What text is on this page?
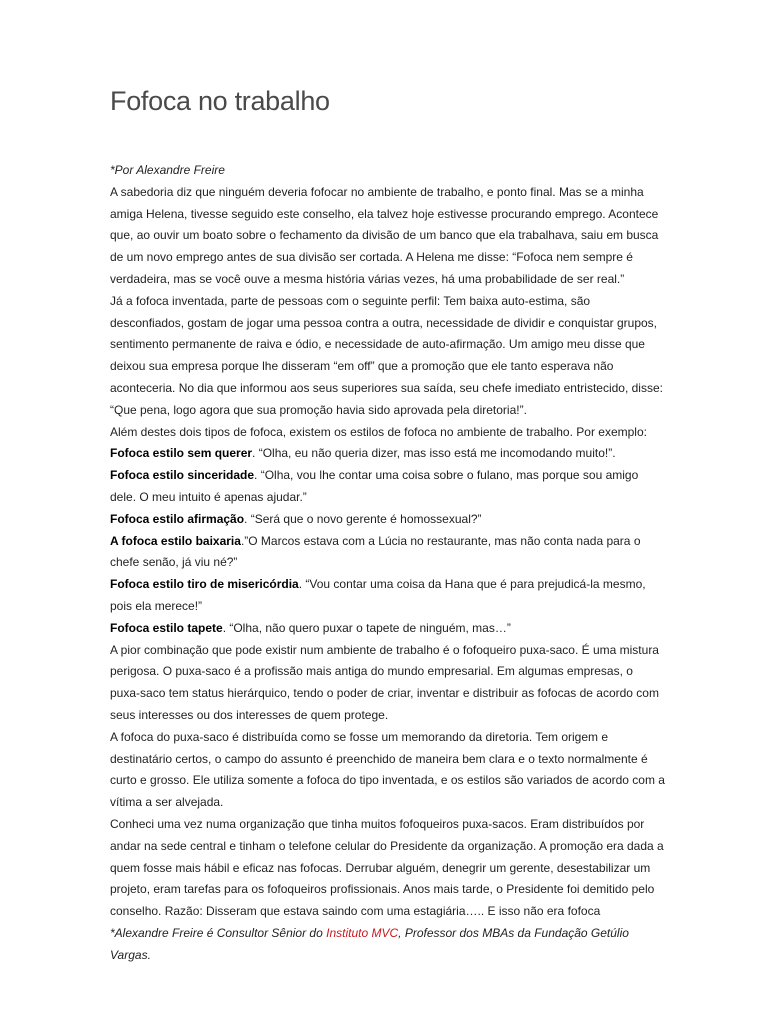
Fofoca no trabalho

*Por Alexandre Freire

A sabedoria diz que ninguém deveria fofocar no ambiente de trabalho, e ponto final. Mas se a minha amiga Helena, tivesse seguido este conselho, ela talvez hoje estivesse procurando emprego. Acontece que, ao ouvir um boato sobre o fechamento da divisão de um banco que ela trabalhava, saiu em busca de um novo emprego antes de sua divisão ser cortada. A Helena me disse: “Fofoca nem sempre é verdadeira, mas se você ouve a mesma história várias vezes, há uma probabilidade de ser real.”

Já a fofoca inventada, parte de pessoas com o seguinte perfil: Tem baixa auto-estima, são desconfiados, gostam de jogar uma pessoa contra a outra, necessidade de dividir e conquistar grupos, sentimento permanente de raiva e ódio, e necessidade de auto-afirmação. Um amigo meu disse que deixou sua empresa porque lhe disseram “em off” que a promoção que ele tanto esperava não aconteceria. No dia que informou aos seus superiores sua saída, seu chefe imediato entristecido, disse: “Que pena, logo agora que sua promoção havia sido aprovada pela diretoria!”.

Além destes dois tipos de fofoca, existem os estilos de fofoca no ambiente de trabalho. Por exemplo:

Fofoca estilo sem querer. “Olha, eu não queria dizer, mas isso está me incomodando muito!”.

Fofoca estilo sinceridade. “Olha, vou lhe contar uma coisa sobre o fulano, mas porque sou amigo dele. O meu intuito é apenas ajudar.”

Fofoca estilo afirmação. “Será que o novo gerente é homossexual?”

A fofoca estilo baixaria.”O Marcos estava com a Lúcia no restaurante, mas não conta nada para o chefe senão, já viu né?”

Fofoca estilo tiro de misericórdia. “Vou contar uma coisa da Hana que é para prejudicá-la mesmo, pois ela merece!”

Fofoca estilo tapete. “Olha, não quero puxar o tapete de ninguém, mas…”

A pior combinação que pode existir num ambiente de trabalho é o fofoqueiro puxa-saco. É uma mistura perigosa. O puxa-saco é a profissão mais antiga do mundo empresarial. Em algumas empresas, o puxa-saco tem status hierárquico, tendo o poder de criar, inventar e distribuir as fofocas de acordo com seus interesses ou dos interesses de quem protege.

A fofoca do puxa-saco é distribuída como se fosse um memorando da diretoria. Tem origem e destinatário certos, o campo do assunto é preenchido de maneira bem clara e o texto normalmente é curto e grosso. Ele utiliza somente a fofoca do tipo inventada, e os estilos são variados de acordo com a vítima a ser alvejada.

Conheci uma vez numa organização que tinha muitos fofoqueiros puxa-sacos. Eram distribuídos por andar na sede central e tinham o telefone celular do Presidente da organização. A promoção era dada a quem fosse mais hábil e eficaz nas fofocas. Derrubar alguém, denegrir um gerente, desestabilizar um projeto, eram tarefas para os fofoqueiros profissionais. Anos mais tarde, o Presidente foi demitido pelo conselho. Razão: Disseram que estava saindo com uma estagiária….. E isso não era fofoca

*Alexandre Freire é Consultor Sênior do Instituto MVC, Professor dos MBAs da Fundação Getúlio Vargas.
